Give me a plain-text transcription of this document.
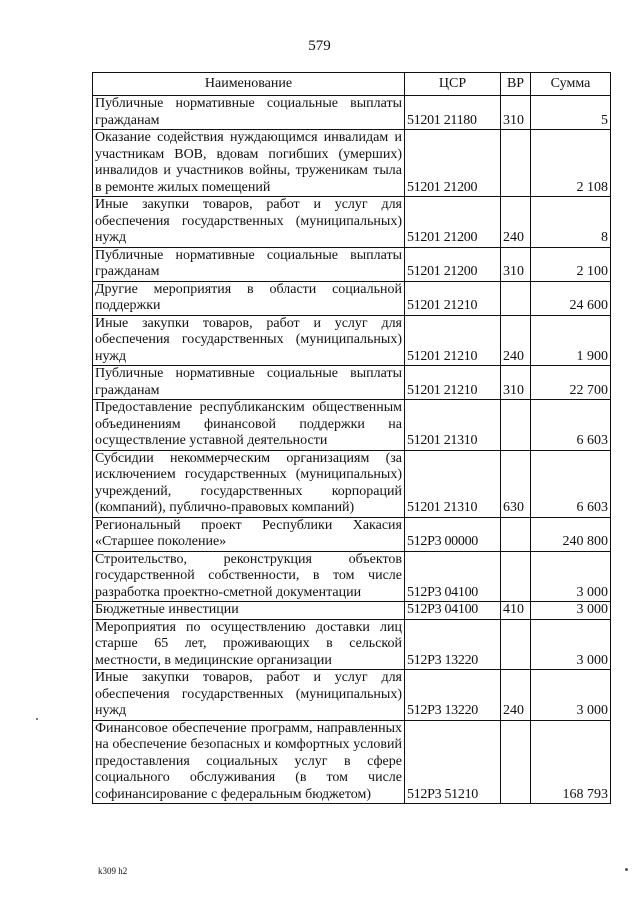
579
Наименование	ЦСР	ВР	Сумма
Публичные нормативные социальные выплаты гражданам	51201 21180	310	5
Оказание содействия нуждающимся инвалидам и участникам ВОВ, вдовам погибших (умерших) инвалидов и участников войны, труженикам тыла в ремонте жилых помещений	51201 21200		2 108
Иные закупки товаров, работ и услуг для обеспечения государственных (муниципальных) нужд	51201 21200	240	8
Публичные нормативные социальные выплаты гражданам	51201 21200	310	2 100
Другие мероприятия в области социальной поддержки	51201 21210		24 600
Иные закупки товаров, работ и услуг для обеспечения государственных (муниципальных) нужд	51201 21210	240	1 900
Публичные нормативные социальные выплаты гражданам	51201 21210	310	22 700
Предоставление республиканским общественным объединениям финансовой поддержки на осуществление уставной деятельности	51201 21310		6 603
Субсидии некоммерческим организациям (за исключением государственных (муниципальных) учреждений, государственных корпораций (компаний), публично-правовых компаний)	51201 21310	630	6 603
Региональный проект Республики Хакасия «Старшее поколение»	512P3 00000		240 800
Строительство, реконструкция объектов государственной собственности, в том числе разработка проектно-сметной документации	512P3 04100		3 000
Бюджетные инвестиции	512P3 04100	410	3 000
Мероприятия по осуществлению доставки лиц старше 65 лет, проживающих в сельской местности, в медицинские организации	512P3 13220		3 000
Иные закупки товаров, работ и услуг для обеспечения государственных (муниципальных) нужд	512P3 13220	240	3 000
Финансовое обеспечение программ, направленных на обеспечение безопасных и комфортных условий предоставления социальных услуг в сфере социального обслуживания (в том числе софинансирование с федеральным бюджетом)	512P3 51210		168 793
k309 h2
